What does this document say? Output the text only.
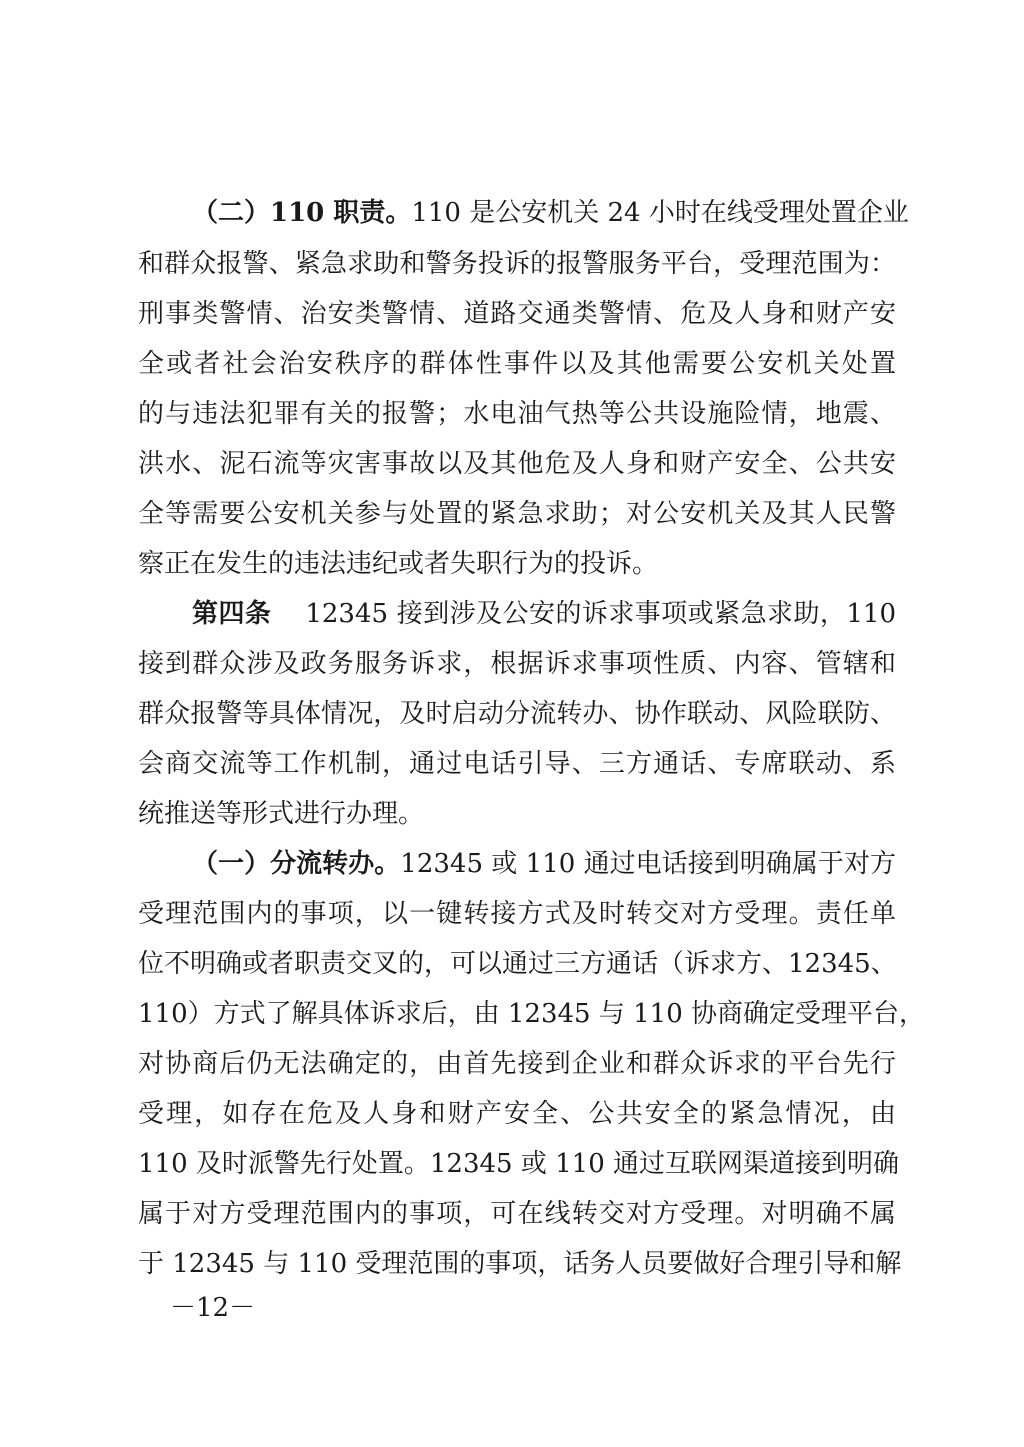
（二）110 职责。110 是公安机关 24 小时在线受理处置企业
和群众报警、紧急求助和警务投诉的报警服务平台，受理范围为：
刑事类警情、治安类警情、道路交通类警情、危及人身和财产安
全或者社会治安秩序的群体性事件以及其他需要公安机关处置
的与违法犯罪有关的报警；水电油气热等公共设施险情，地震、
洪水、泥石流等灾害事故以及其他危及人身和财产安全、公共安
全等需要公安机关参与处置的紧急求助；对公安机关及其人民警
察正在发生的违法违纪或者失职行为的投诉。
第四条 12345 接到涉及公安的诉求事项或紧急求助，110
接到群众涉及政务服务诉求，根据诉求事项性质、内容、管辖和
群众报警等具体情况，及时启动分流转办、协作联动、风险联防、
会商交流等工作机制，通过电话引导、三方通话、专席联动、系
统推送等形式进行办理。
（一）分流转办。12345 或 110 通过电话接到明确属于对方
受理范围内的事项，以一键转接方式及时转交对方受理。责任单
位不明确或者职责交叉的，可以通过三方通话（诉求方、12345、
110）方式了解具体诉求后，由 12345 与 110 协商确定受理平台，
对协商后仍无法确定的，由首先接到企业和群众诉求的平台先行
受理，如存在危及人身和财产安全、公共安全的紧急情况，由
110 及时派警先行处置。12345 或 110 通过互联网渠道接到明确
属于对方受理范围内的事项，可在线转交对方受理。对明确不属
于 12345 与 110 受理范围的事项，话务人员要做好合理引导和解
－12－
